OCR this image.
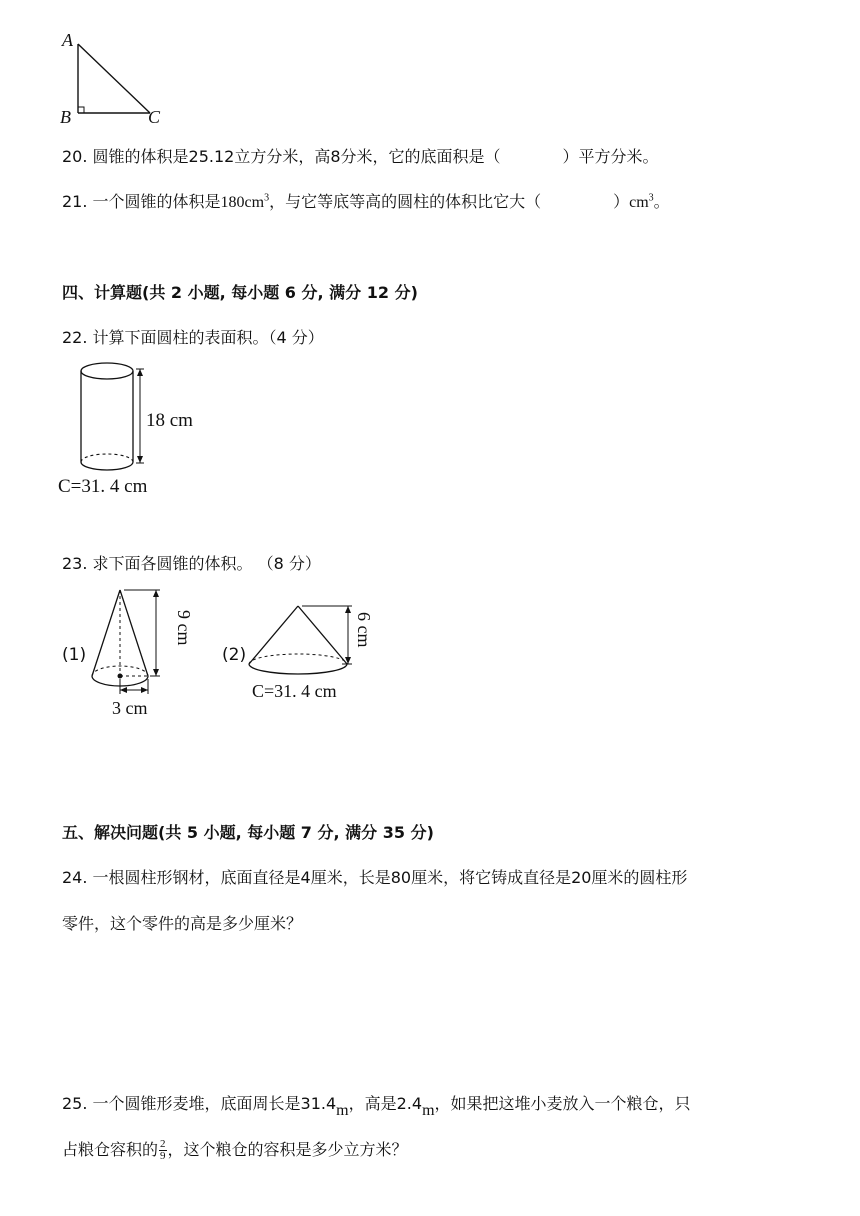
A
B	C
20. 圆锥的体积是25.12立方分米，高8分米，它的底面积是（	）平方分米。
21. 一个圆锥的体积是$180cm^3$，与它等底等高的圆柱的体积比它大（	）$cm^3$。
四、计算题(共 2 小题, 每小题 6 分, 满分 12 分)
22. 计算下面圆柱的表面积。（4 分）
18 cm
C=31. 4 cm
23. 求下面各圆锥的体积。 （8 分）
(1)
9 cm
3 cm
(2)
6 cm
C=31. 4 cm
五、解决问题(共 5 小题, 每小题 7 分, 满分 35 分)
24. 一根圆柱形钢材，底面直径是4厘米，长是80厘米，将它铸成直径是20厘米的圆柱形
零件，这个零件的高是多少厘米？
25. 一个圆锥形麦堆，底面周长是31.4m，高是2.4m，如果把这堆小麦放入一个粮仓，只
占粮仓容积的 $\frac{2}{9}$ ，这个粮仓的容积是多少立方米？
